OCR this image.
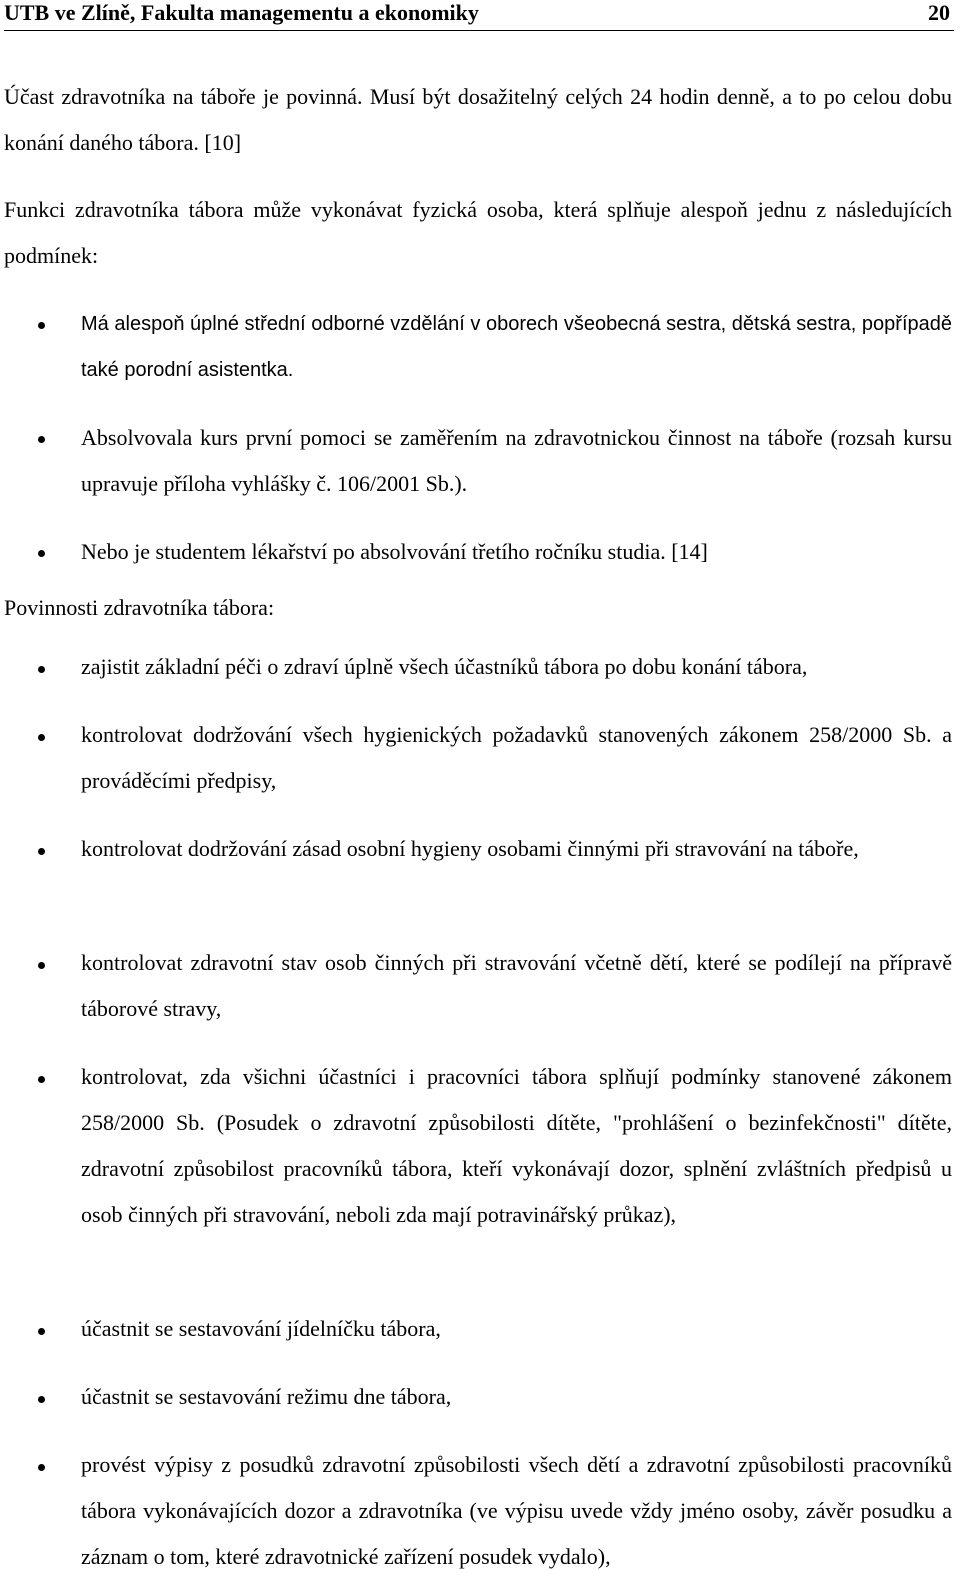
UTB ve Zlíně, Fakulta managementu a ekonomiky	20
Účast zdravotníka na táboře je povinná. Musí být dosažitelný celých 24 hodin denně, a to po celou dobu konání daného tábora. [10]
Funkci zdravotníka tábora může vykonávat fyzická osoba, která splňuje alespoň jednu z následujících podmínek:
Má alespoň úplné střední odborné vzdělání v oborech všeobecná sestra, dětská sestra, popřípadě také porodní asistentka.
Absolvovala kurs první pomoci se zaměřením na zdravotnickou činnost na táboře (rozsah kursu upravuje příloha vyhlášky č. 106/2001 Sb.).
Nebo je studentem lékařství po absolvování třetího ročníku studia. [14]
Povinnosti zdravotníka tábora:
zajistit základní péči o zdraví úplně všech účastníků tábora po dobu konání tábora,
kontrolovat dodržování všech hygienických požadavků stanovených zákonem 258/2000 Sb. a prováděcími předpisy,
kontrolovat dodržování zásad osobní hygieny osobami činnými při stravování na táboře,
kontrolovat zdravotní stav osob činných při stravování včetně dětí, které se podílejí na přípravě táborové stravy,
kontrolovat, zda všichni účastníci i pracovníci tábora splňují podmínky stanovené zákonem 258/2000 Sb. (Posudek o zdravotní způsobilosti dítěte, "prohlášení o bezinfekčnosti" dítěte, zdravotní způsobilost pracovníků tábora, kteří vykonávají dozor, splnění zvláštních předpisů u osob činných při stravování, neboli zda mají potravinářský průkaz),
účastnit se sestavování jídelníčku tábora,
účastnit se sestavování režimu dne tábora,
provést výpisy z posudků zdravotní způsobilosti všech dětí a zdravotní způsobilosti pracovníků tábora vykonávajících dozor a zdravotníka (ve výpisu uvede vždy jméno osoby, závěr posudku a záznam o tom, které zdravotnické zařízení posudek vydalo),
